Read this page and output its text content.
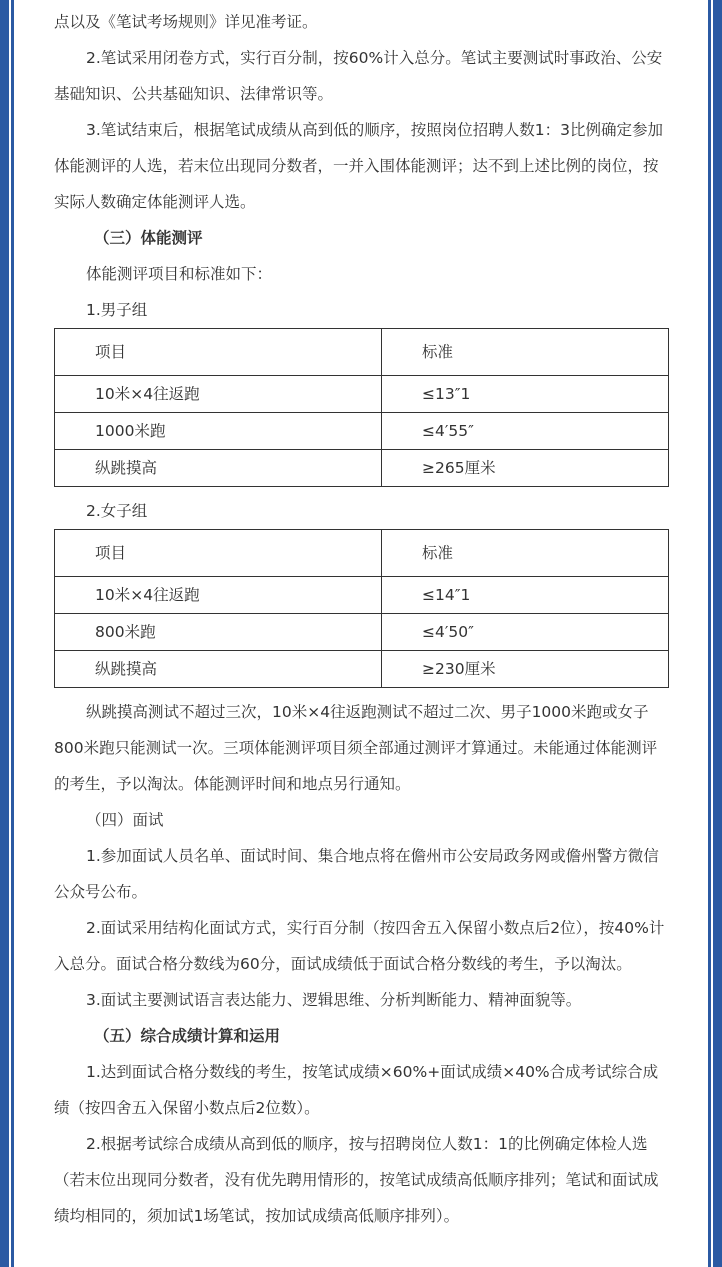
点以及《笔试考场规则》详见准考证。

2.笔试采用闭卷方式，实行百分制，按60%计入总分。笔试主要测试时事政治、公安基础知识、公共基础知识、法律常识等。

3.笔试结束后，根据笔试成绩从高到低的顺序，按照岗位招聘人数1：3比例确定参加体能测评的人选，若末位出现同分数者，一并入围体能测评；达不到上述比例的岗位，按实际人数确定体能测评人选。

（三）体能测评

体能测评项目和标准如下：

1.男子组

项目	标准
10米×4往返跑	≤13″1
1000米跑	≤4′55″
纵跳摸高	≥265厘米

2.女子组

项目	标准
10米×4往返跑	≤14″1
800米跑	≤4′50″
纵跳摸高	≥230厘米

纵跳摸高测试不超过三次，10米×4往返跑测试不超过二次、男子1000米跑或女子800米跑只能测试一次。三项体能测评项目须全部通过测评才算通过。未能通过体能测评的考生，予以淘汰。体能测评时间和地点另行通知。

（四）面试

1.参加面试人员名单、面试时间、集合地点将在儋州市公安局政务网或儋州警方微信公众号公布。

2.面试采用结构化面试方式，实行百分制（按四舍五入保留小数点后2位），按40%计入总分。面试合格分数线为60分，面试成绩低于面试合格分数线的考生，予以淘汰。

3.面试主要测试语言表达能力、逻辑思维、分析判断能力、精神面貌等。

（五）综合成绩计算和运用

1.达到面试合格分数线的考生，按笔试成绩×60%+面试成绩×40%合成考试综合成绩（按四舍五入保留小数点后2位数）。

2.根据考试综合成绩从高到低的顺序，按与招聘岗位人数1：1的比例确定体检人选（若末位出现同分数者，没有优先聘用情形的，按笔试成绩高低顺序排列；笔试和面试成绩均相同的，须加试1场笔试，按加试成绩高低顺序排列）。
